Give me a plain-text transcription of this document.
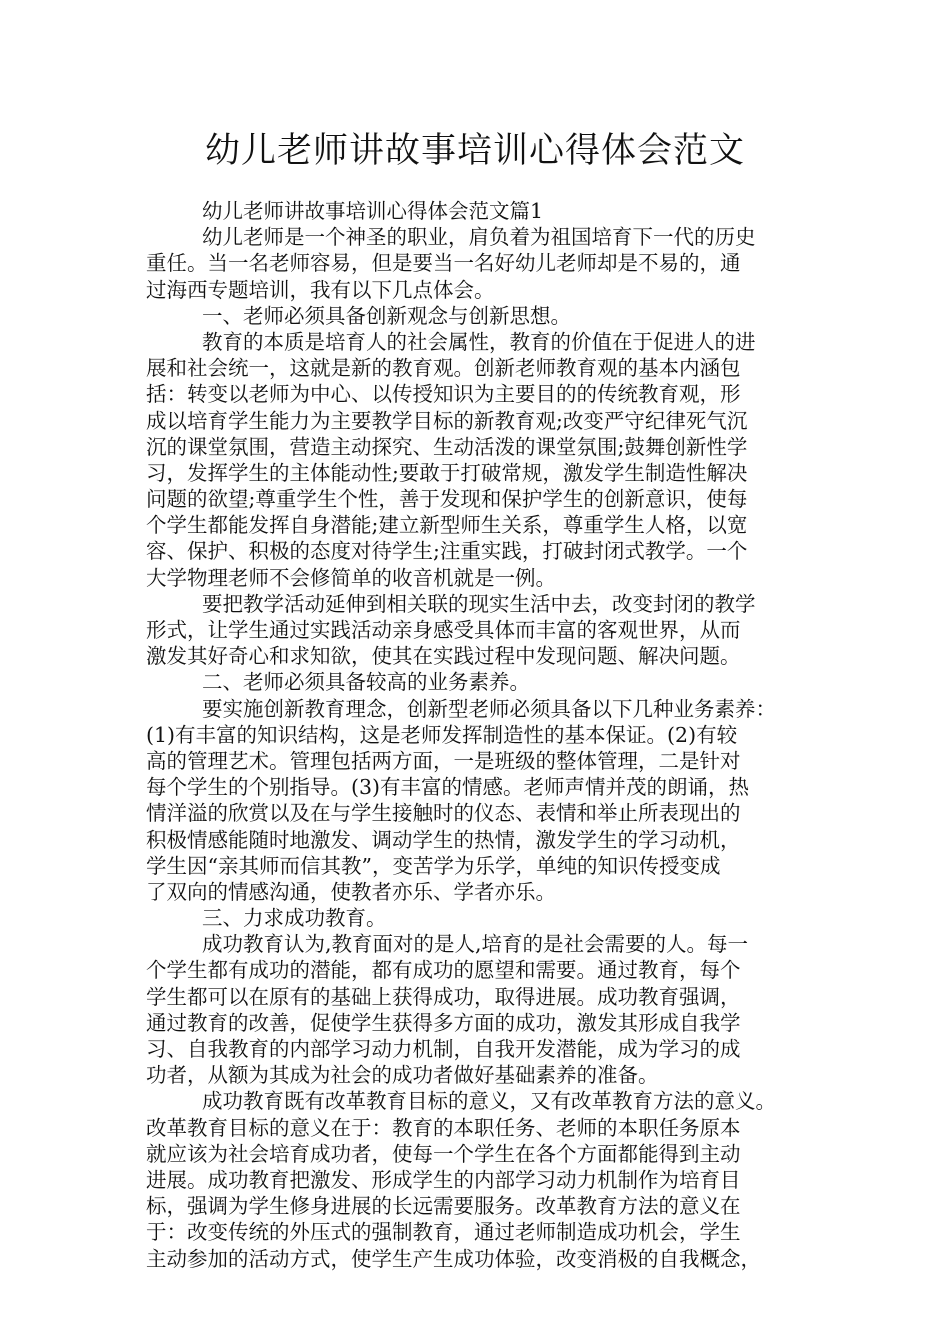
幼儿老师讲故事培训心得体会范文
幼儿老师讲故事培训心得体会范文篇1
幼儿老师是一个神圣的职业，肩负着为祖国培育下一代的历史
重任。当一名老师容易，但是要当一名好幼儿老师却是不易的，通
过海西专题培训，我有以下几点体会。
一、老师必须具备创新观念与创新思想。
教育的本质是培育人的社会属性，教育的价值在于促进人的进
展和社会统一，这就是新的教育观。创新老师教育观的基本内涵包
括：转变以老师为中心、以传授知识为主要目的的传统教育观，形
成以培育学生能力为主要教学目标的新教育观;改变严守纪律死气沉
沉的课堂氛围，营造主动探究、生动活泼的课堂氛围;鼓舞创新性学
习，发挥学生的主体能动性;要敢于打破常规，激发学生制造性解决
问题的欲望;尊重学生个性，善于发现和保护学生的创新意识，使每
个学生都能发挥自身潜能;建立新型师生关系，尊重学生人格，以宽
容、保护、积极的态度对待学生;注重实践，打破封闭式教学。一个
大学物理老师不会修简单的收音机就是一例。
要把教学活动延伸到相关联的现实生活中去，改变封闭的教学
形式，让学生通过实践活动亲身感受具体而丰富的客观世界，从而
激发其好奇心和求知欲，使其在实践过程中发现问题、解决问题。
二、老师必须具备较高的业务素养。
要实施创新教育理念，创新型老师必须具备以下几种业务素养：
(1)有丰富的知识结构，这是老师发挥制造性的基本保证。(2)有较
高的管理艺术。管理包括两方面，一是班级的整体管理，二是针对
每个学生的个别指导。(3)有丰富的情感。老师声情并茂的朗诵，热
情洋溢的欣赏以及在与学生接触时的仪态、表情和举止所表现出的
积极情感能随时地激发、调动学生的热情，激发学生的学习动机，
学生因“亲其师而信其教”，变苦学为乐学，单纯的知识传授变成
了双向的情感沟通，使教者亦乐、学者亦乐。
三、力求成功教育。
成功教育认为,教育面对的是人,培育的是社会需要的人。每一
个学生都有成功的潜能，都有成功的愿望和需要。通过教育，每个
学生都可以在原有的基础上获得成功，取得进展。成功教育强调，
通过教育的改善，促使学生获得多方面的成功，激发其形成自我学
习、自我教育的内部学习动力机制，自我开发潜能，成为学习的成
功者，从额为其成为社会的成功者做好基础素养的准备。
成功教育既有改革教育目标的意义，又有改革教育方法的意义。
改革教育目标的意义在于：教育的本职任务、老师的本职任务原本
就应该为社会培育成功者，使每一个学生在各个方面都能得到主动
进展。成功教育把激发、形成学生的内部学习动力机制作为培育目
标，强调为学生修身进展的长远需要服务。改革教育方法的意义在
于：改变传统的外压式的强制教育，通过老师制造成功机会，学生
主动参加的活动方式，使学生产生成功体验，改变消极的自我概念，
